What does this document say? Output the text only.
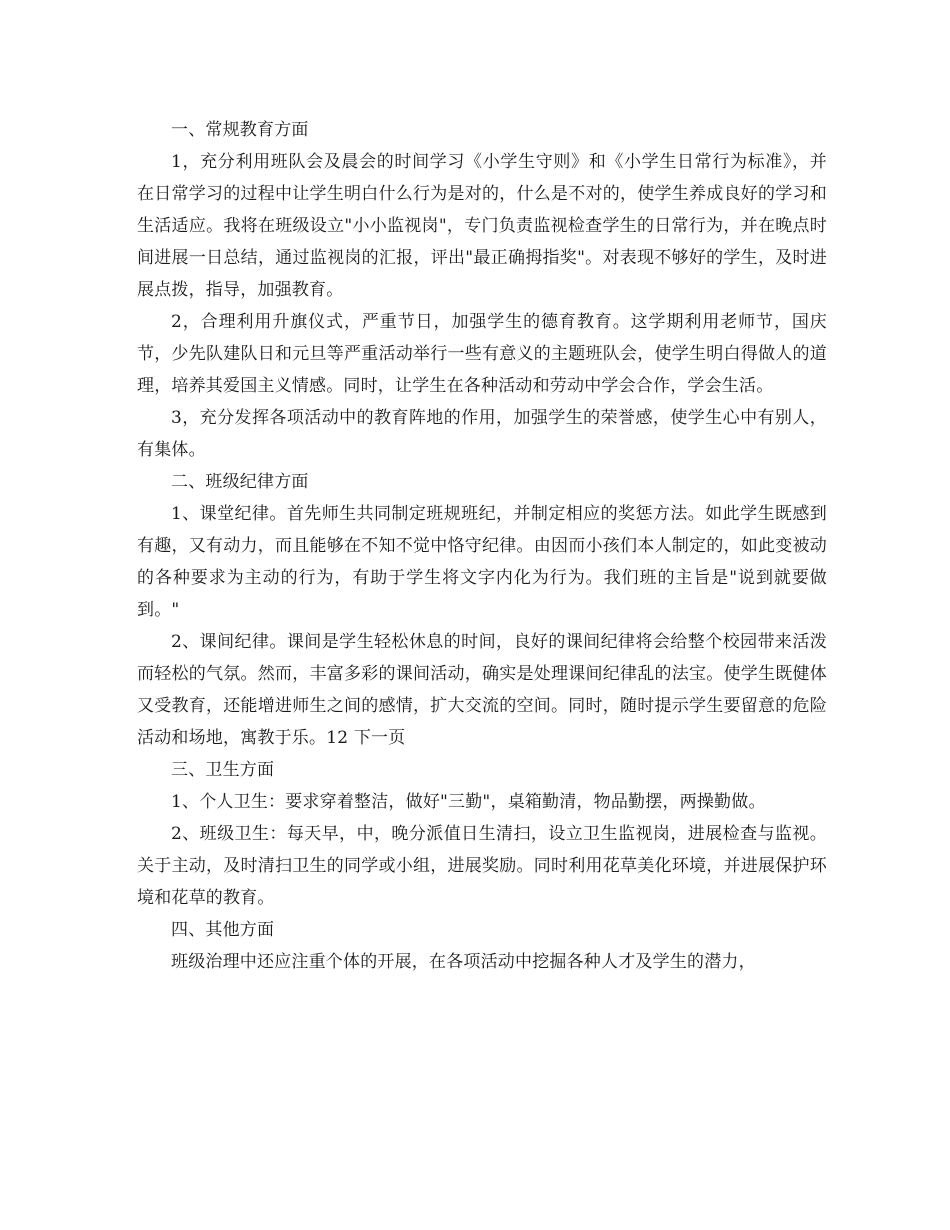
一、常规教育方面

1，充分利用班队会及晨会的时间学习《小学生守则》和《小学生日常行为标准》，并在日常学习的过程中让学生明白什么行为是对的，什么是不对的，使学生养成良好的学习和生活适应。我将在班级设立"小小监视岗"，专门负责监视检查学生的日常行为，并在晚点时间进展一日总结，通过监视岗的汇报，评出"最正确拇指奖"。对表现不够好的学生，及时进展点拨，指导，加强教育。

2，合理利用升旗仪式，严重节日，加强学生的德育教育。这学期利用老师节，国庆节，少先队建队日和元旦等严重活动举行一些有意义的主题班队会，使学生明白得做人的道理，培养其爱国主义情感。同时，让学生在各种活动和劳动中学会合作，学会生活。

3，充分发挥各项活动中的教育阵地的作用，加强学生的荣誉感，使学生心中有别人，有集体。

二、班级纪律方面

1、课堂纪律。首先师生共同制定班规班纪，并制定相应的奖惩方法。如此学生既感到有趣，又有动力，而且能够在不知不觉中恪守纪律。由因而小孩们本人制定的，如此变被动的各种要求为主动的行为，有助于学生将文字内化为行为。我们班的主旨是"说到就要做到。"

2、课间纪律。课间是学生轻松休息的时间，良好的课间纪律将会给整个校园带来活泼而轻松的气氛。然而，丰富多彩的课间活动，确实是处理课间纪律乱的法宝。使学生既健体又受教育，还能增进师生之间的感情，扩大交流的空间。同时，随时提示学生要留意的危险活动和场地，寓教于乐。12 下一页

三、卫生方面

1、个人卫生：要求穿着整洁，做好"三勤"，桌箱勤清，物品勤摆，两操勤做。

2、班级卫生：每天早，中，晚分派值日生清扫，设立卫生监视岗，进展检查与监视。关于主动，及时清扫卫生的同学或小组，进展奖励。同时利用花草美化环境，并进展保护环境和花草的教育。

四、其他方面

班级治理中还应注重个体的开展，在各项活动中挖掘各种人才及学生的潜力，
